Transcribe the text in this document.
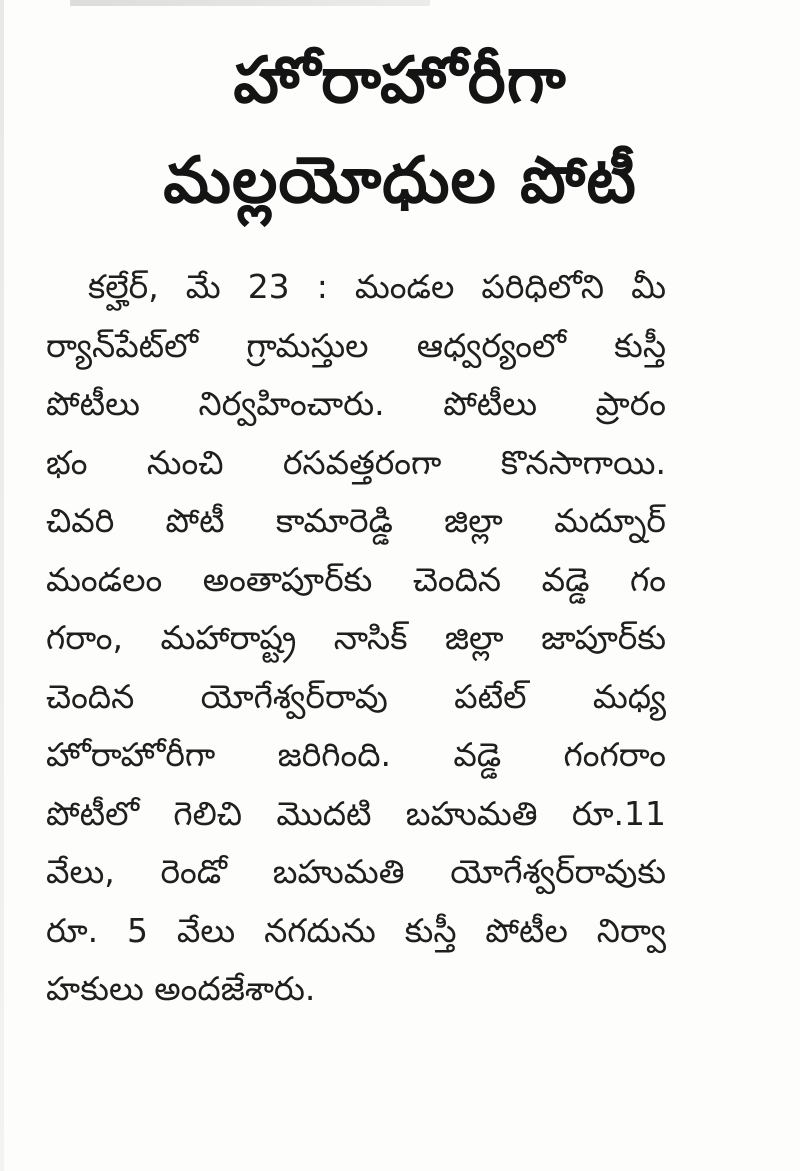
హోరాహోరీగా
మల్లయోధుల పోటీ
కల్హేర్, మే 23 : మండల పరిధిలోని మీ
ర్యాన్‌పేట్‌లో గ్రామస్తుల ఆధ్వర్యంలో కుస్తీ
పోటీలు నిర్వహించారు. పోటీలు ప్రారం
భం నుంచి రసవత్తరంగా కొనసాగాయి.
చివరి పోటీ కామారెడ్డి జిల్లా మద్నూర్
మండలం అంతాపూర్‌కు చెందిన వడ్డె గం
గరాం, మహారాష్ట్ర నాసిక్ జిల్లా జాపూర్‌కు
చెందిన యోగేశ్వర్‌రావు పటేల్ మధ్య
హోరాహోరీగా జరిగింది. వడ్డె గంగరాం
పోటీలో గెలిచి మొదటి బహుమతి రూ.11
వేలు, రెండో బహుమతి యోగేశ్వర్‌రావుకు
రూ. 5 వేలు నగదును కుస్తీ పోటీల నిర్వా
హకులు అందజేశారు.
